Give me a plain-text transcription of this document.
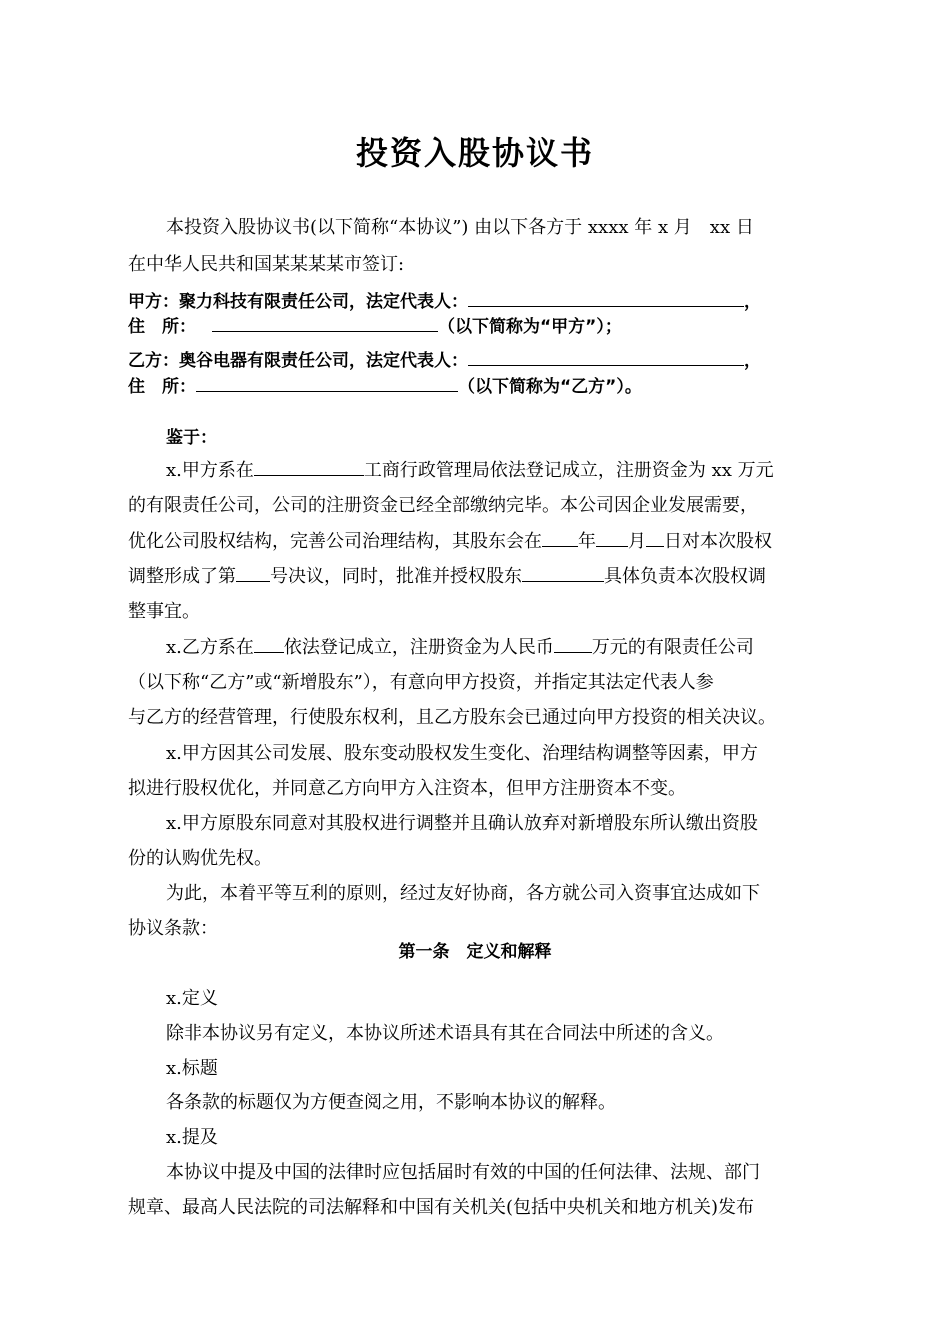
投资入股协议书
本投资入股协议书(以下简称“本协议”) 由以下各方于 xxxx 年 x 月　xx 日
在中华人民共和国某某某某市签订:
甲方：聚力科技有限责任公司，法定代表人：	，
住　所：	（以下简称为“甲方”）；
乙方：奥谷电器有限责任公司，法定代表人：	，
住　所：	（以下简称为“乙方”）。
鉴于：
x.甲方系在	工商行政管理局依法登记成立，注册资金为 xx 万元
的有限责任公司，公司的注册资金已经全部缴纳完毕。本公司因企业发展需要，
优化公司股权结构，完善公司治理结构，其股东会在 年 月 日对本次股权
调整形成了第 号决议，同时，批准并授权股东	具体负责本次股权调
整事宜。
x.乙方系在 依法登记成立，注册资金为人民币 万元的有限责任公司
（以下称“乙方”或“新增股东”），有意向甲方投资，并指定其法定代表人参
与乙方的经营管理，行使股东权利，且乙方股东会已通过向甲方投资的相关决议。
x.甲方因其公司发展、股东变动股权发生变化、治理结构调整等因素，甲方
拟进行股权优化，并同意乙方向甲方入注资本，但甲方注册资本不变。
x.甲方原股东同意对其股权进行调整并且确认放弃对新增股东所认缴出资股
份的认购优先权。
为此，本着平等互利的原则，经过友好协商，各方就公司入资事宜达成如下
协议条款：
第一条　定义和解释
x.定义
除非本协议另有定义，本协议所述术语具有其在合同法中所述的含义。
x.标题
各条款的标题仅为方便查阅之用，不影响本协议的解释。
x.提及
本协议中提及中国的法律时应包括届时有效的中国的任何法律、法规、部门
规章、最高人民法院的司法解释和中国有关机关(包括中央机关和地方机关)发布
